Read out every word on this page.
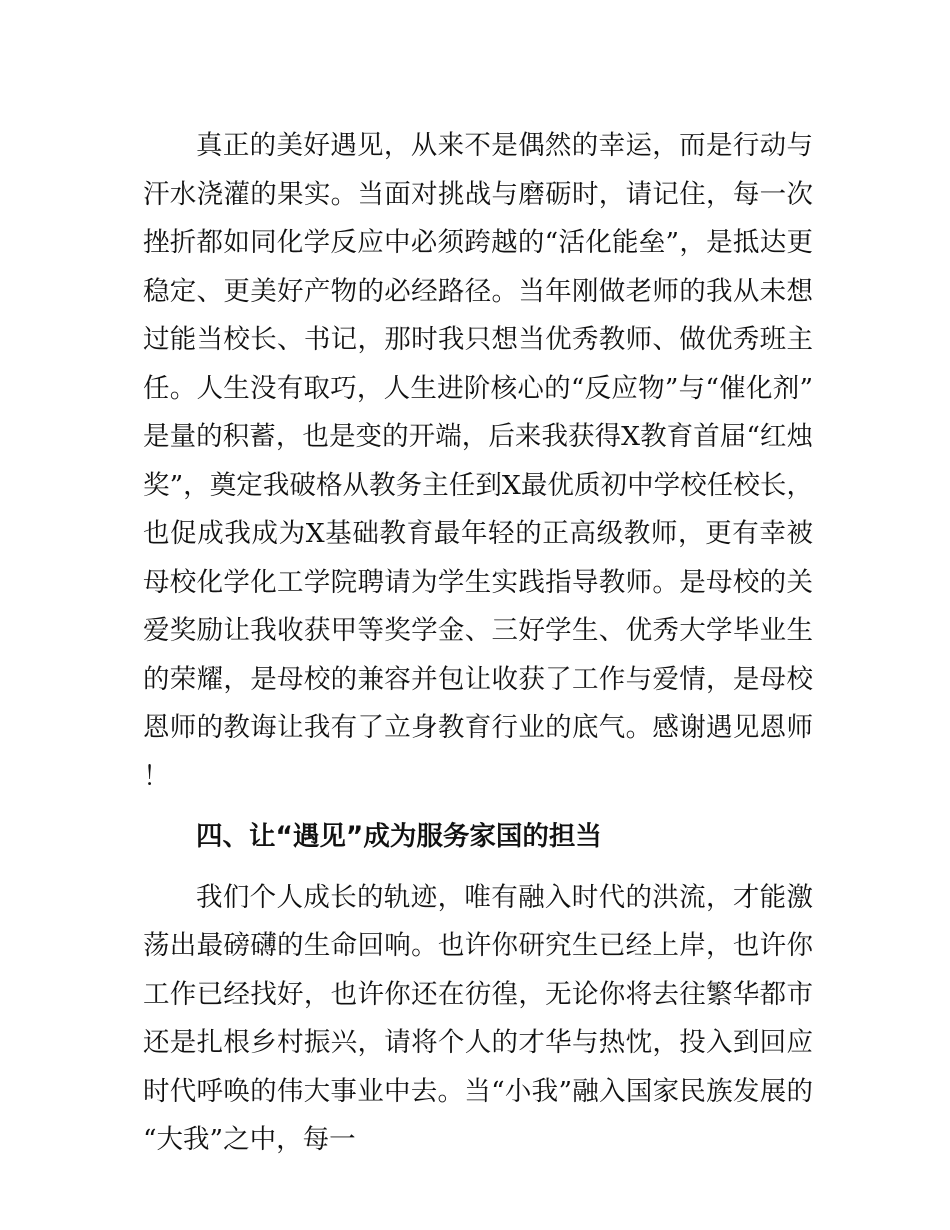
真正的美好遇见，从来不是偶然的幸运，而是行动与汗水浇灌的果实。当面对挑战与磨砺时，请记住，每一次挫折都如同化学反应中必须跨越的“活化能垒”，是抵达更稳定、更美好产物的必经路径。当年刚做老师的我从未想过能当校长、书记，那时我只想当优秀教师、做优秀班主任。人生没有取巧，人生进阶核心的“反应物”与“催化剂”是量的积蓄，也是变的开端，后来我获得X教育首届“红烛奖”，奠定我破格从教务主任到X最优质初中学校任校长，也促成我成为X基础教育最年轻的正高级教师，更有幸被母校化学化工学院聘请为学生实践指导教师。是母校的关爱奖励让我收获甲等奖学金、三好学生、优秀大学毕业生的荣耀，是母校的兼容并包让收获了工作与爱情，是母校恩师的教诲让我有了立身教育行业的底气。感谢遇见恩师！

四、让“遇见”成为服务家国的担当

我们个人成长的轨迹，唯有融入时代的洪流，才能激荡出最磅礴的生命回响。也许你研究生已经上岸，也许你工作已经找好，也许你还在彷徨，无论你将去往繁华都市还是扎根乡村振兴，请将个人的才华与热忱，投入到回应时代呼唤的伟大事业中去。当“小我”融入国家民族发展的“大我”之中，每一
